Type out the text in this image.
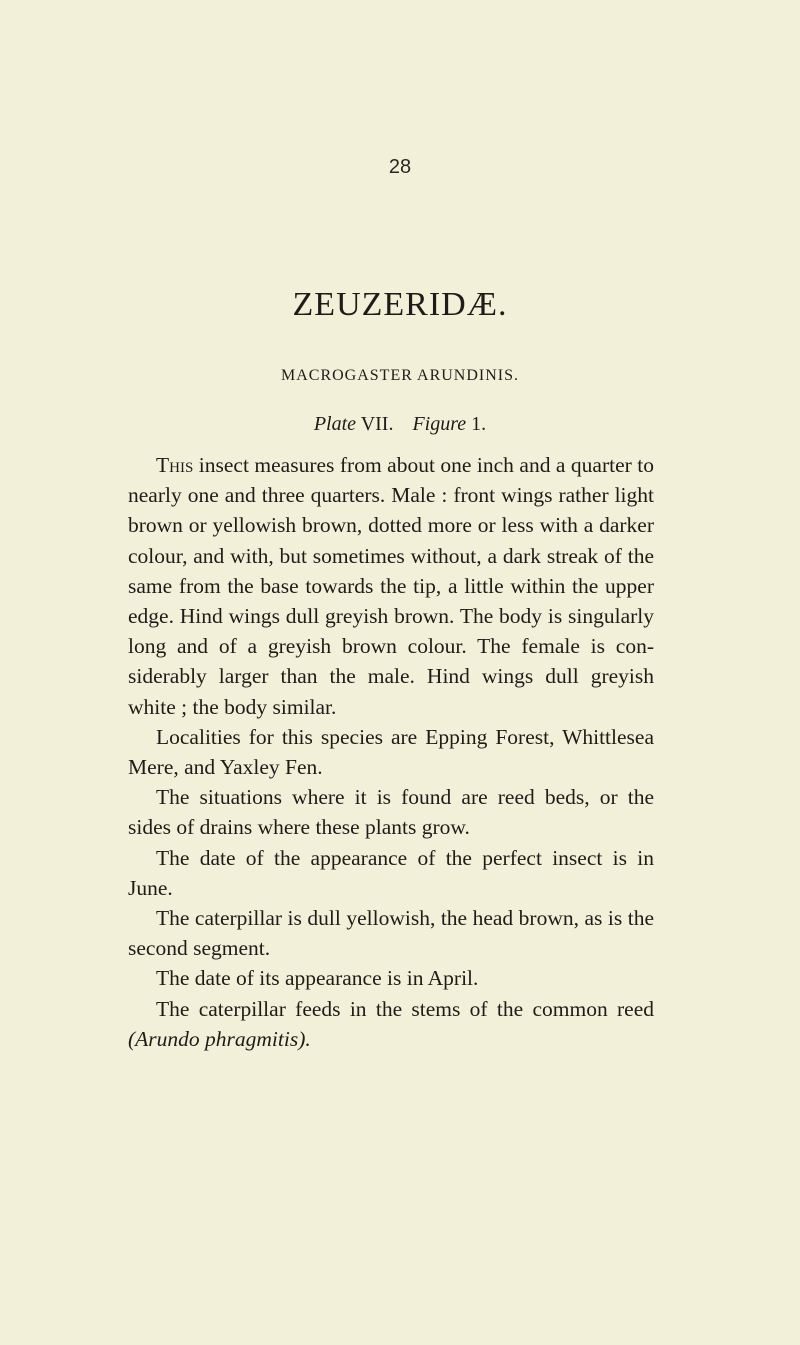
28
ZEUZERIDÆ.
MACROGASTER ARUNDINIS.
Plate VII. Figure 1.

This insect measures from about one inch and a quarter to nearly one and three quarters. Male : front wings rather light brown or yellowish brown, dotted more or less with a darker colour, and with, but sometimes without, a dark streak of the same from the base towards the tip, a little within the upper edge. Hind wings dull greyish brown. The body is singularly long and of a greyish brown colour. The female is considerably larger than the male. Hind wings dull greyish white ; the body similar.

Localities for this species are Epping Forest, Whittlesea Mere, and Yaxley Fen.

The situations where it is found are reed beds, or the sides of drains where these plants grow.

The date of the appearance of the perfect insect is in June.

The caterpillar is dull yellowish, the head brown, as is the second segment.

The date of its appearance is in April.

The caterpillar feeds in the stems of the common reed (Arundo phragmitis).
